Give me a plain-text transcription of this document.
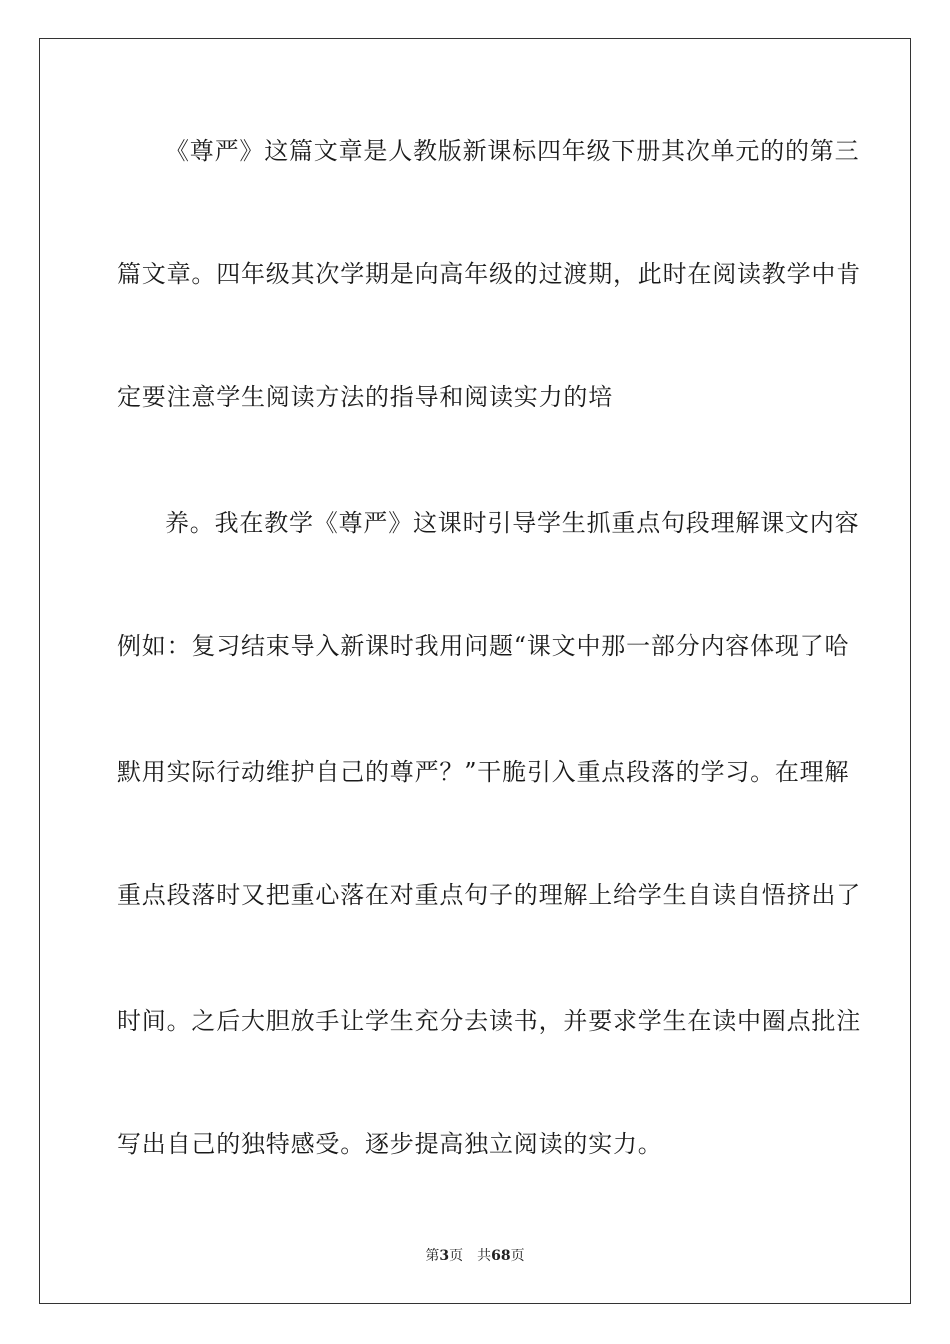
《尊严》这篇文章是人教版新课标四年级下册其次单元的的第三
篇文章。四年级其次学期是向高年级的过渡期，此时在阅读教学中肯
定要注意学生阅读方法的指导和阅读实力的培
养。我在教学《尊严》这课时引导学生抓重点句段理解课文内容
例如：复习结束导入新课时我用问题“课文中那一部分内容体现了哈
默用实际行动维护自己的尊严？”干脆引入重点段落的学习。在理解
重点段落时又把重心落在对重点句子的理解上给学生自读自悟挤出了
时间。之后大胆放手让学生充分去读书，并要求学生在读中圈点批注
写出自己的独特感受。逐步提高独立阅读的实力。
第3页 共68页
